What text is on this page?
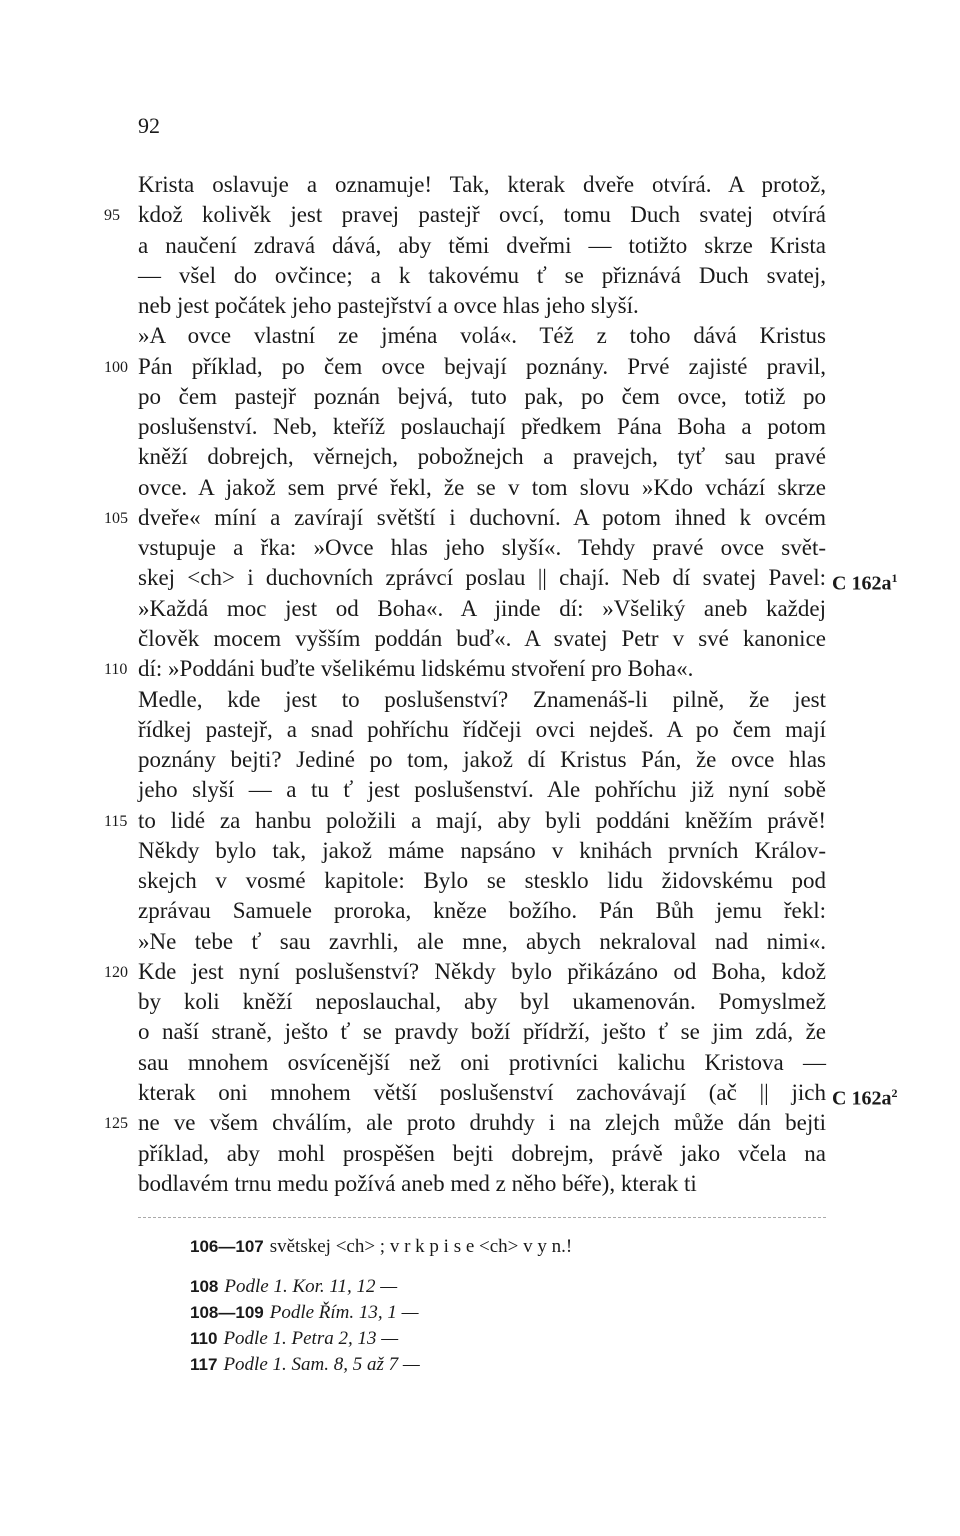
92
Krista oslavuje a oznamuje! Tak, kterak dveře otvírá. A protož,
95 kdož kolivěk jest pravej pastejř ovcí, tomu Duch svatej otvírá
a naučení zdravá dává, aby těmi dveřmi — totižto skrze Krista
— všel do ovčince; a k takovému ť se přiznává Duch svatej,
neb jest počátek jeho pastejřství a ovce hlas jeho slyší.
»A ovce vlastní ze jména volá«. Též z toho dává Kristus
100 Pán příklad, po čem ovce bejvají poznány. Prvé zajisté pravil,
po čem pastejř poznán bejvá, tuto pak, po čem ovce, totiž po
poslušenství. Neb, kteříž poslauchají předkem Pána Boha a potom
kněží dobrejch, věrnejch, pobožnejch a pravejch, tyť sau pravé
ovce. A jakož sem prvé řekl, že se v tom slovu »Kdo vchází skrze
105 dveře« míní a zavírají světští i duchovní. A potom ihned k ovcém
vstupuje a řka: »Ovce hlas jeho slyší«. Tehdy pravé ovce svět-
skej <ch> i duchovních zprávcí poslau || chají. Neb dí svatej Pavel: C $162a^1$
»Každá moc jest od Boha«. A jinde dí: »Všeliký aneb každej
člověk mocem vyšším poddán buď«. A svatej Petr v své kanonice
110 dí: »Poddáni buďte všelikému lidskému stvoření pro Boha«.
Medle, kde jest to poslušenství? Znamenáš-li pilně, že jest
řídkej pastejř, a snad pohříchu řídčeji ovci nejdeš. A po čem mají
poznány bejti? Jediné po tom, jakož dí Kristus Pán, že ovce hlas
jeho slyší — a tu ť jest poslušenství. Ale pohříchu již nyní sobě
115 to lidé za hanbu položili a mají, aby byli poddáni kněžím právě!
Někdy bylo tak, jakož máme napsáno v knihách prvních Králov-
skejch v vosmé kapitole: Bylo se stesklo lidu židovskému pod
zprávau Samuele proroka, kněze božího. Pán Bůh jemu řekl:
»Ne tebe ť sau zavrhli, ale mne, abych nekraloval nad nimi«.
120 Kde jest nyní poslušenství? Někdy bylo přikázáno od Boha, kdož
by koli kněží neposlauchal, aby byl ukamenován. Pomyslmež
o naší straně, ješto ť se pravdy boží přídrží, ješto ť se jim zdá, že
sau mnohem osvícenější než oni protivníci kalichu Kristova —
kterak oni mnohem větší poslušenství zachovávají (ač || jich C $162a^2$
125 ne ve všem chválím, ale proto druhdy i na zlejch může dán bejti
příklad, aby mohl prospěšen bejti dobrejm, právě jako včela na
bodlavém trnu medu požívá aneb med z něho béře), kterak ti
106—107 světskej <ch> ; v r k p i s e <ch> v y n.!
108 Podle 1. Kor. 11, 12 —
108—109 Podle Řím. 13, 1 —
110 Podle 1. Petra 2, 13 —
117 Podle 1. Sam. 8, 5 až 7 —
